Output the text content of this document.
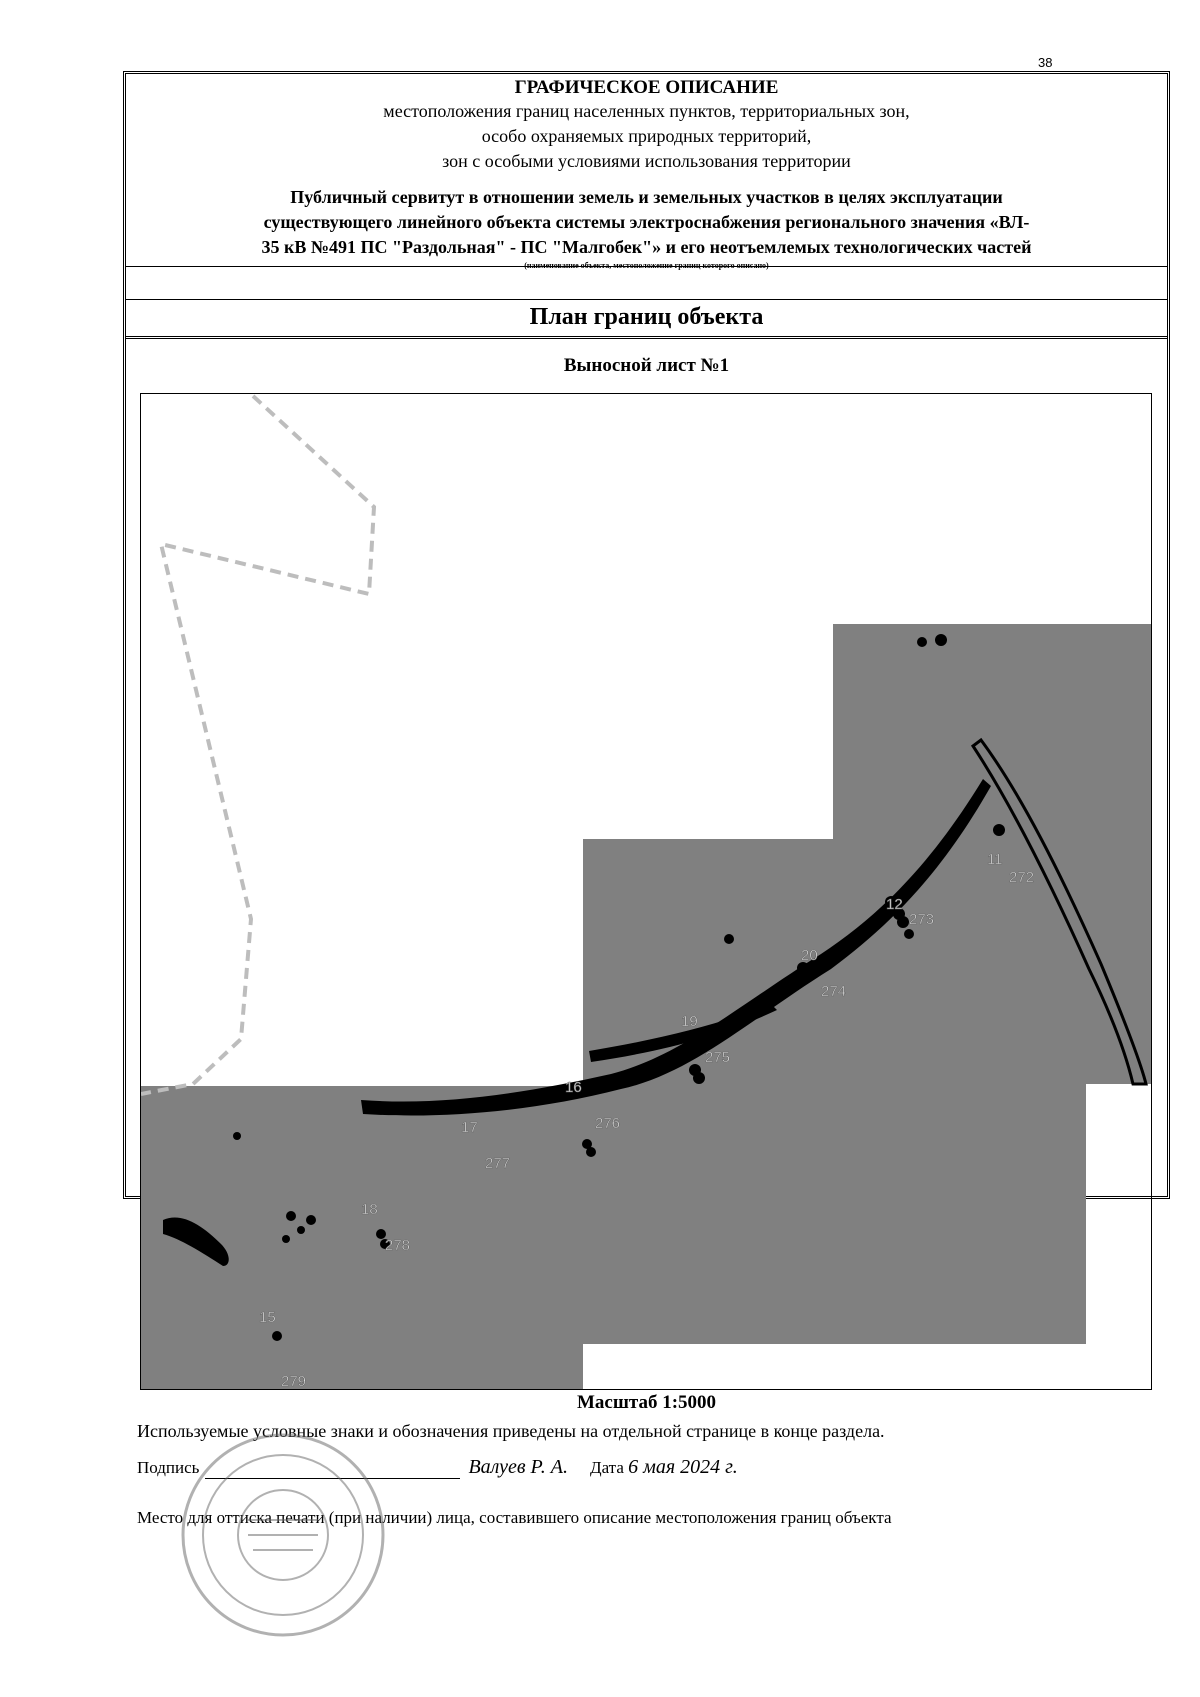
38
ГРАФИЧЕСКОЕ ОПИСАНИЕ
местоположения границ населенных пунктов, территориальных зон,
особо охраняемых природных территорий,
зон с особыми условиями использования территории
Публичный сервитут в отношении земель и земельных участков в целях эксплуатации
существующего линейного объекта системы электроснабжения регионального значения «ВЛ-
35 кВ №491 ПС "Раздольная" - ПС "Малгобек"» и его неотъемлемых технологических частей
(наименование объекта, местоположение границ которого описано)
План границ объекта
Выносной лист №1
11
272
12
273
20
274
19
275
16
276
17
277
18
278
15
279
Масштаб 1:5000
Используемые условные знаки и обозначения приведены на отдельной странице в конце раздела.
Подпись	Валуев Р. А. Дата 6 мая 2024 г.
Место для оттиска печати (при наличии) лица, составившего описание местоположения границ объекта
